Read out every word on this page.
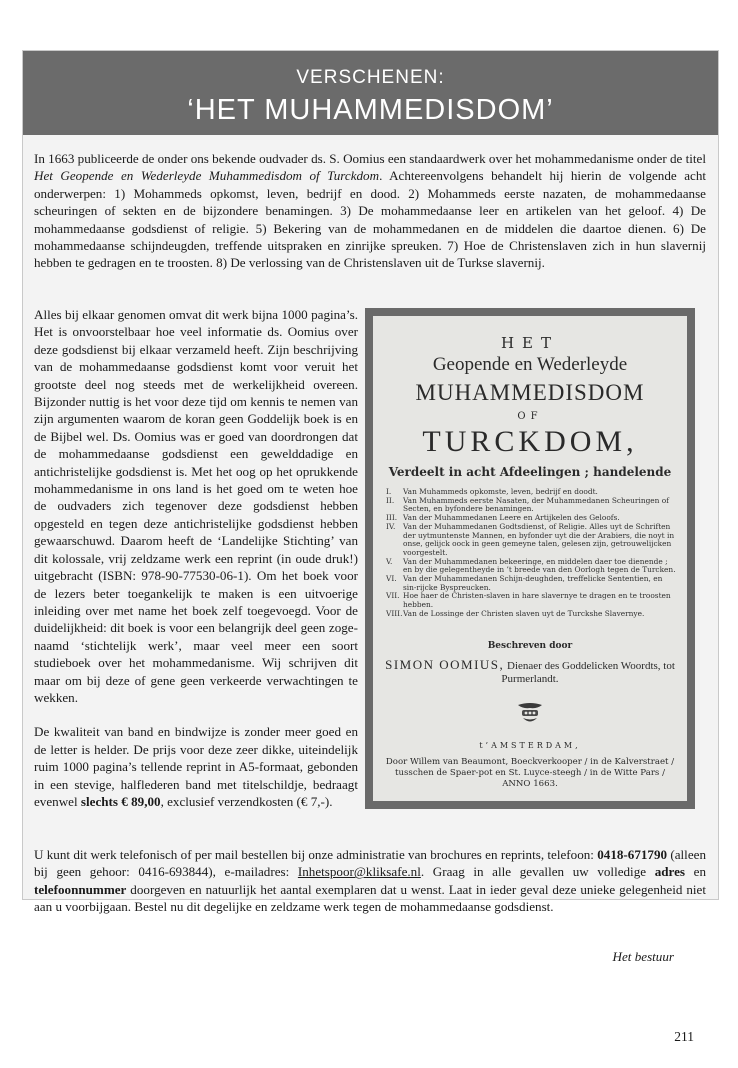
VERSCHENEN:
‘HET MUHAMMEDISDOM’
In 1663 publiceerde de onder ons bekende oudvader ds. S. Oomius een standaardwerk over het mohammedanisme onder de titel Het Geopende en Wederleyde Muhammedisdom of Turckdom. Achtereenvolgens behandelt hij hierin de volgende acht onderwerpen: 1) Mohammeds opkomst, leven, bedrijf en dood. 2) Mohammeds eerste nazaten, de mohammedaanse scheuringen of sekten en de bijzondere benamingen. 3) De mohammedaanse leer en artikelen van het geloof. 4) De mohammedaanse godsdienst of religie. 5) Bekering van de mohammedanen en de middelen die daartoe dienen. 6) De mohammedaanse schijndeugden, treffende uitspraken en zinrijke spreuken. 7) Hoe de Christenslaven zich in hun slavernij hebben te gedragen en te troosten. 8) De verlossing van de Christenslaven uit de Turkse slavernij.

Alles bij elkaar genomen omvat dit werk bijna 1000 pagina’s. Het is onvoorstelbaar hoe veel informatie ds. Oomius over deze godsdienst bij elkaar verzameld heeft. Zijn beschrijving van de mohammedaanse godsdienst komt voor veruit het grootste deel nog steeds met de werkelijkheid overeen. Bijzonder nuttig is het voor deze tijd om kennis te nemen van zijn argumenten waarom de koran geen Goddelijk boek is en de Bijbel wel. Ds. Oomius was er goed van doordrongen dat de mohammedaanse godsdienst een gewelddadige en antichristelijke godsdienst is. Met het oog op het oprukkende mohammedanisme in ons land is het goed om te weten hoe de oudvaders zich tegenover deze godsdienst hebben opgesteld en tegen deze antichristelijke godsdienst hebben gewaarschuwd. Daarom heeft de ‘Landelijke Stichting’ van dit kolossale, vrij zeldzame werk een reprint (in oude druk!) uitgebracht (ISBN: 978-90-77530-06-1). Om het boek voor de lezers beter toegankelijk te maken is een uitvoerige inleiding over met name het boek zelf toegevoegd. Voor de duidelijkheid: dit boek is voor een belangrijk deel geen zogenaamd ‘stichtelijk werk’, maar veel meer een soort studieboek over het mohammedanisme. Wij schrijven dit maar om bij deze of gene geen verkeerde verwachtingen te wekken.

De kwaliteit van band en bindwijze is zonder meer goed en de letter is helder. De prijs voor deze zeer dikke, uiteindelijk ruim 1000 pagina’s tellende reprint in A5-formaat, gebonden in een stevige, halflederen band met titelschildje, bedraagt evenwel slechts € 89,00, exclusief verzendkosten (€ 7,-).

HET
Geopende en Wederleyde
MUHAMMEDISDOM
OF
TURCKDOM,
Verdeelt in acht Afdeelingen ; handelende
I. Van Muhammeds opkomste, leven, bedrijf en doodt.
II. Van Muhammeds eerste Nasaten, der Muhammedanen Scheuringen of Secten, en byfondere benamingen.
III. Van der Muhammedanen Leere en Artijkelen des Geloofs.
IV. Van der Muhammedanen Godtsdienst, of Religie. Alles uyt de Schriften der uytmuntenste Mannen, en byfonder uyt die der Arabiers, die noyt in onse, gelijck oock in geen gemeyne talen, gelesen zijn, getrouwelijcken voorgestelt.
V. Van der Muhammedanen bekeeringe, en middelen daer toe dienende ; en by die gelegentheyde in ’t breede van den Oorlogh tegen de Turcken.
VI. Van der Muhammedanen Schijn-deughden, treffelicke Sententien, en sin-rijcke Byspreucken.
VII. Hoe haer de Christen-slaven in hare slavernye te dragen en te troosten hebben.
VIII.Van de Lossinge der Christen slaven uyt de Turckshe Slavernye.
Beschreven door
SIMON OOMIUS, Dienaer des Goddelicken Woordts, tot Purmerlandt.
t’AMSTERDAM,
Door Willem van Beaumont, Boeckverkooper / in de Kalverstraet / tusschen de Spaer-pot en St. Luyce-steegh / in de Witte Pars / ANNO 1663.
U kunt dit werk telefonisch of per mail bestellen bij onze administratie van brochures en reprints, telefoon: 0418-671790 (alleen bij geen gehoor: 0416-693844), e-mailadres: Inhetspoor@kliksafe.nl. Graag in alle gevallen uw volledige adres en telefoonnummer doorgeven en natuurlijk het aantal exemplaren dat u wenst. Laat in ieder geval deze unieke gelegenheid niet aan u voorbijgaan. Bestel nu dit degelijke en zeldzame werk tegen de mohammedaanse godsdienst.
Het bestuur
211
